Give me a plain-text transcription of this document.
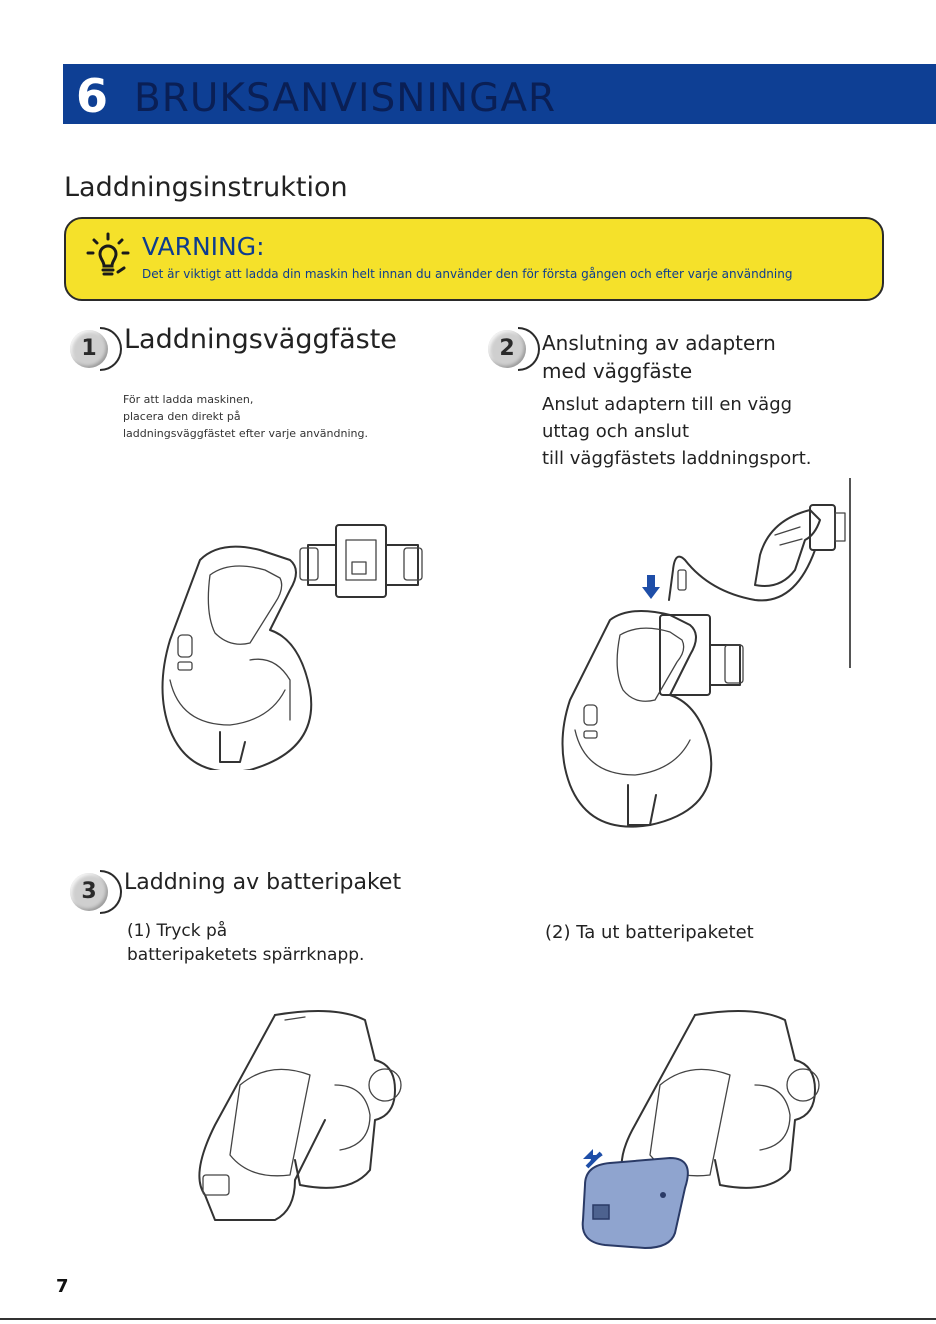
6 BRUKSANVISNINGAR
Laddningsinstruktion
VARNING:
Det är viktigt att ladda din maskin helt innan du använder den för första gången och efter varje användning
1	Laddningsväggfäste
För att ladda maskinen,
placera den direkt på
laddningsväggfästet efter varje användning.
2	Anslutning av adaptern
med väggfäste
Anslut adaptern till en vägg
uttag och anslut
till väggfästets laddningsport.
3	Laddning av batteripaket
(1) Tryck på
batteripaketets spärrknapp.
(2) Ta ut batteripaketet
7
